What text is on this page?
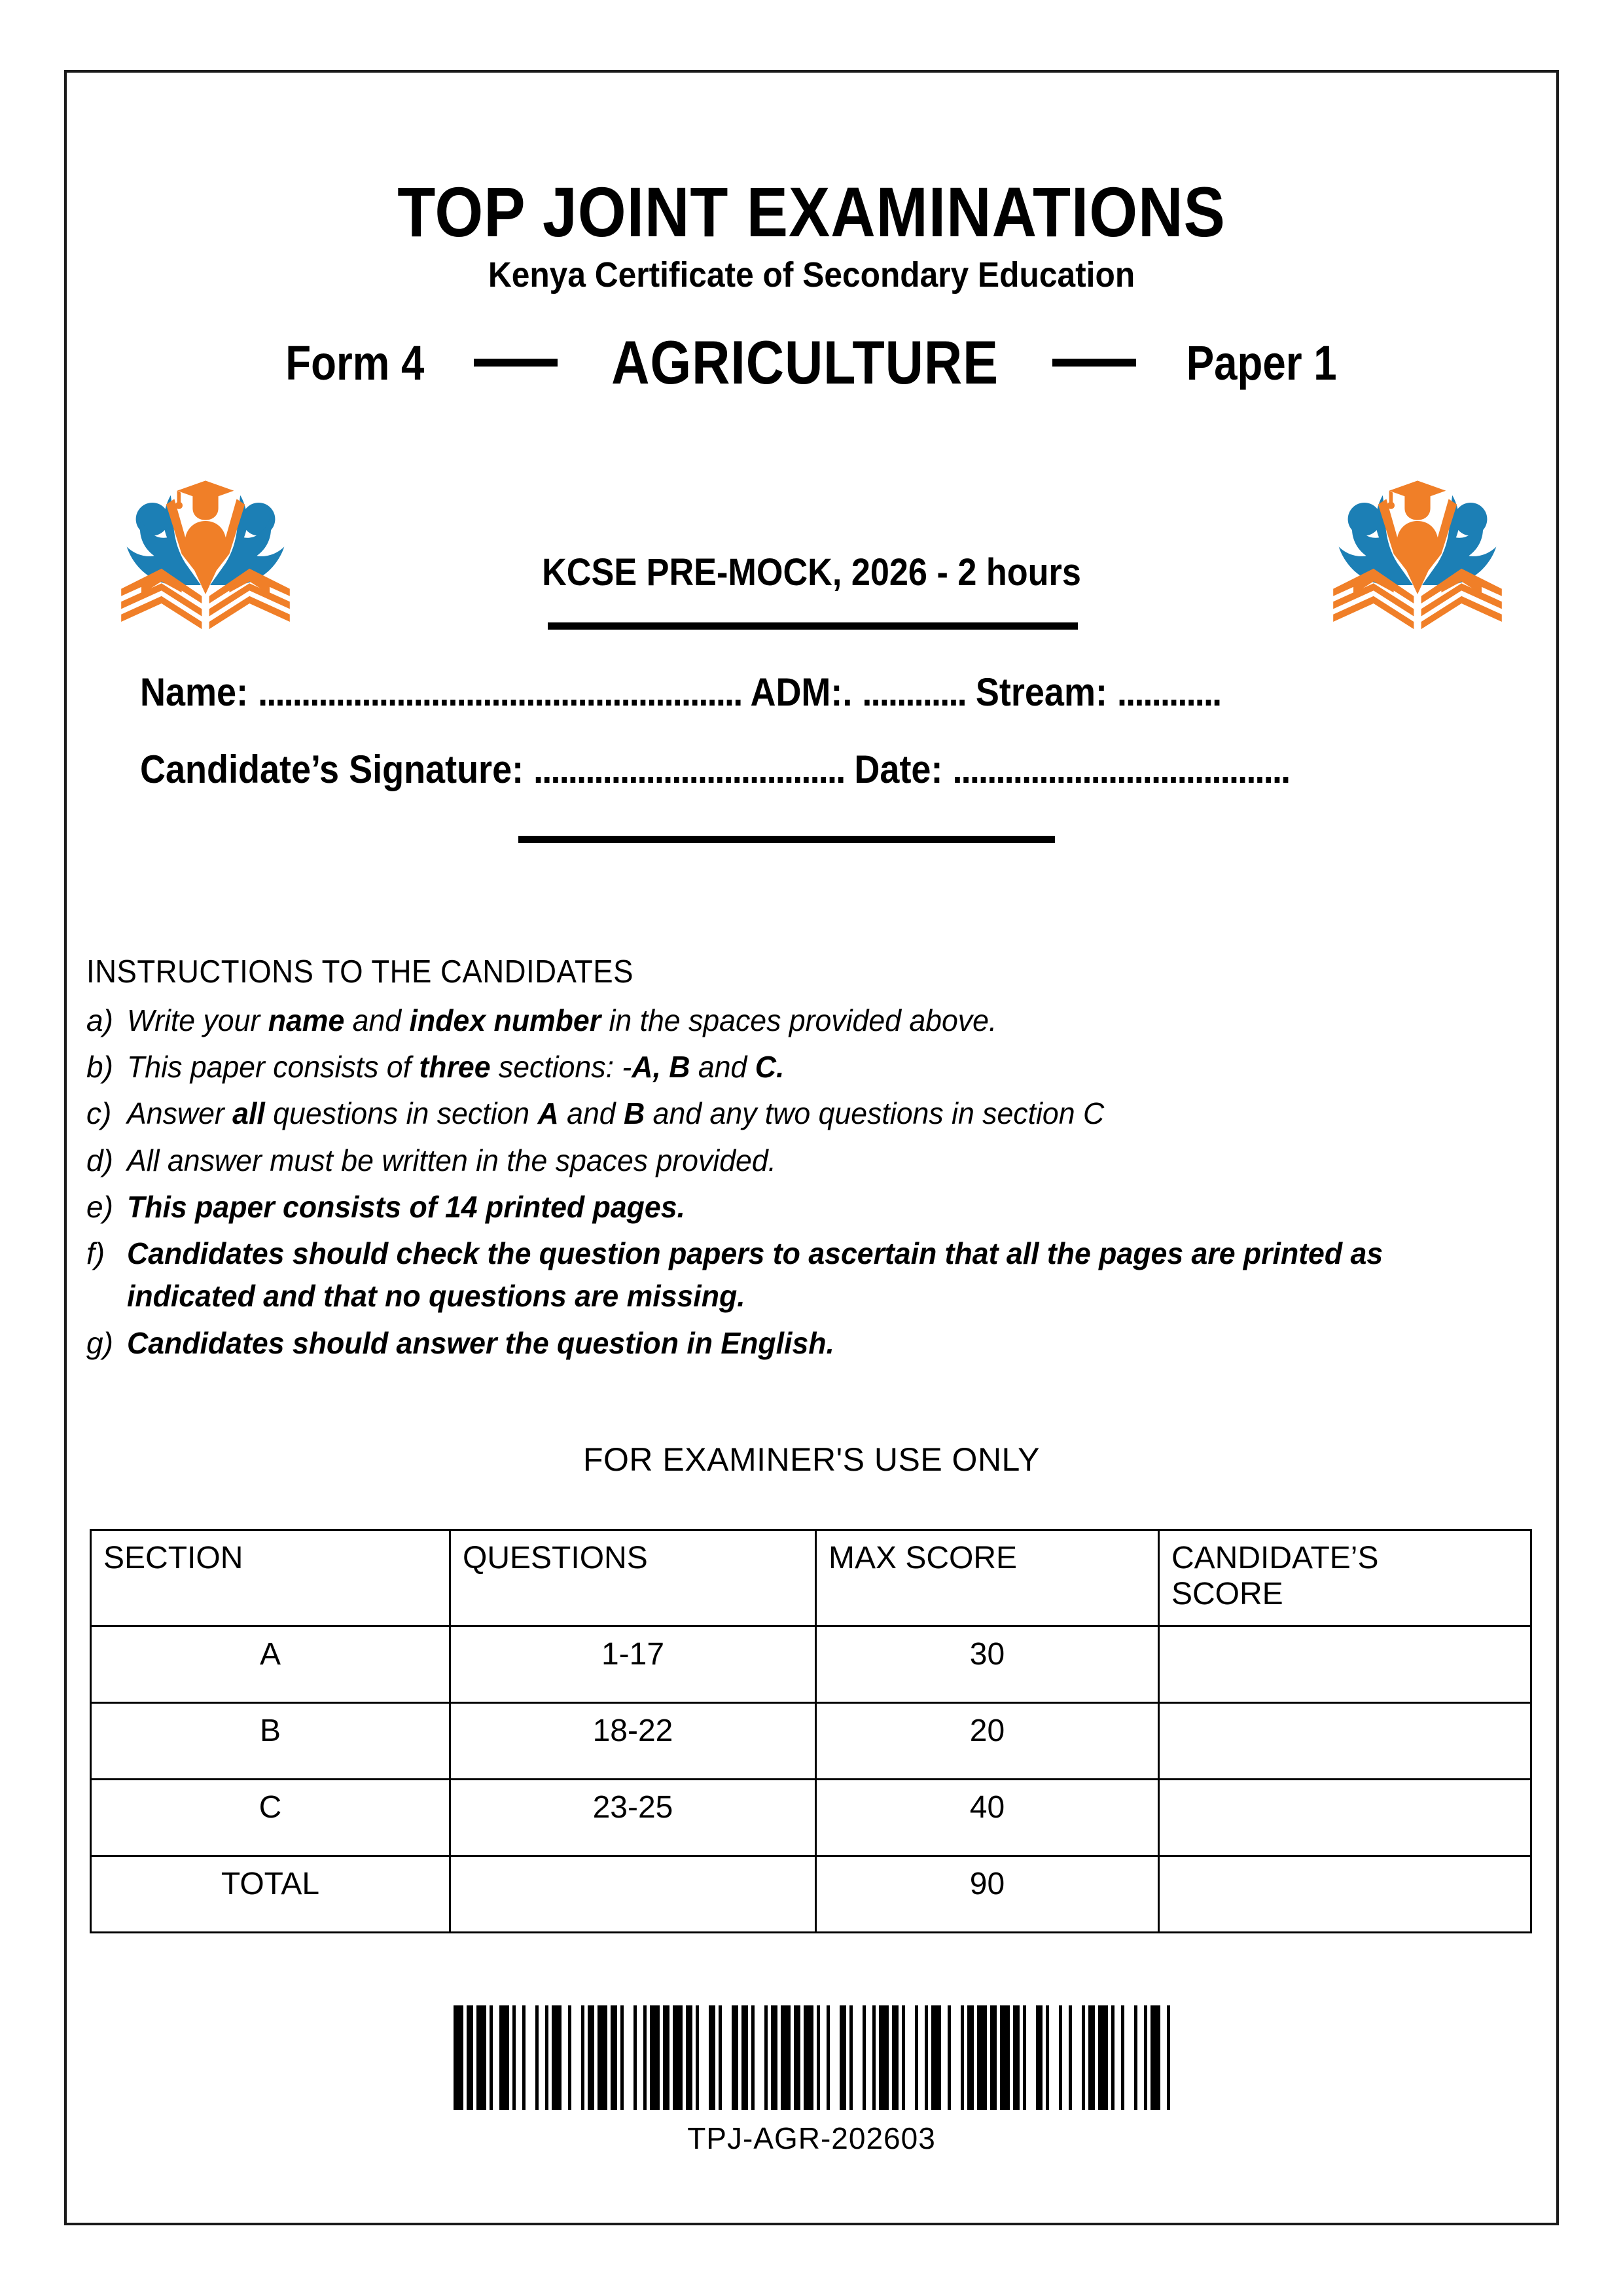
TOP JOINT EXAMINATIONS
Kenya Certificate of Secondary Education
Form 4	AGRICULTURE	Paper 1
KCSE PRE-MOCK, 2026 - 2 hours
Name: ........................................................ ADM:. ............ Stream: ............
Candidate’s Signature: .................................... Date: .......................................
INSTRUCTIONS TO THE CANDIDATES
a) Write your name and index number in the spaces provided above.
b) This paper consists of three sections: -A, B and C.
c) Answer all questions in section A and B and any two questions in section C
d) All answer must be written in the spaces provided.
e) This paper consists of 14 printed pages.
f) Candidates should check the question papers to ascertain that all the pages are printed as indicated and that no questions are missing.
g) Candidates should answer the question in English.
FOR EXAMINER'S USE ONLY
SECTION	QUESTIONS	MAX SCORE	CANDIDATE’S
SCORE

A	1-17	30	
B	18-22	20	
C	23-25	40	
TOTAL		90	
TPJ-AGR-202603
